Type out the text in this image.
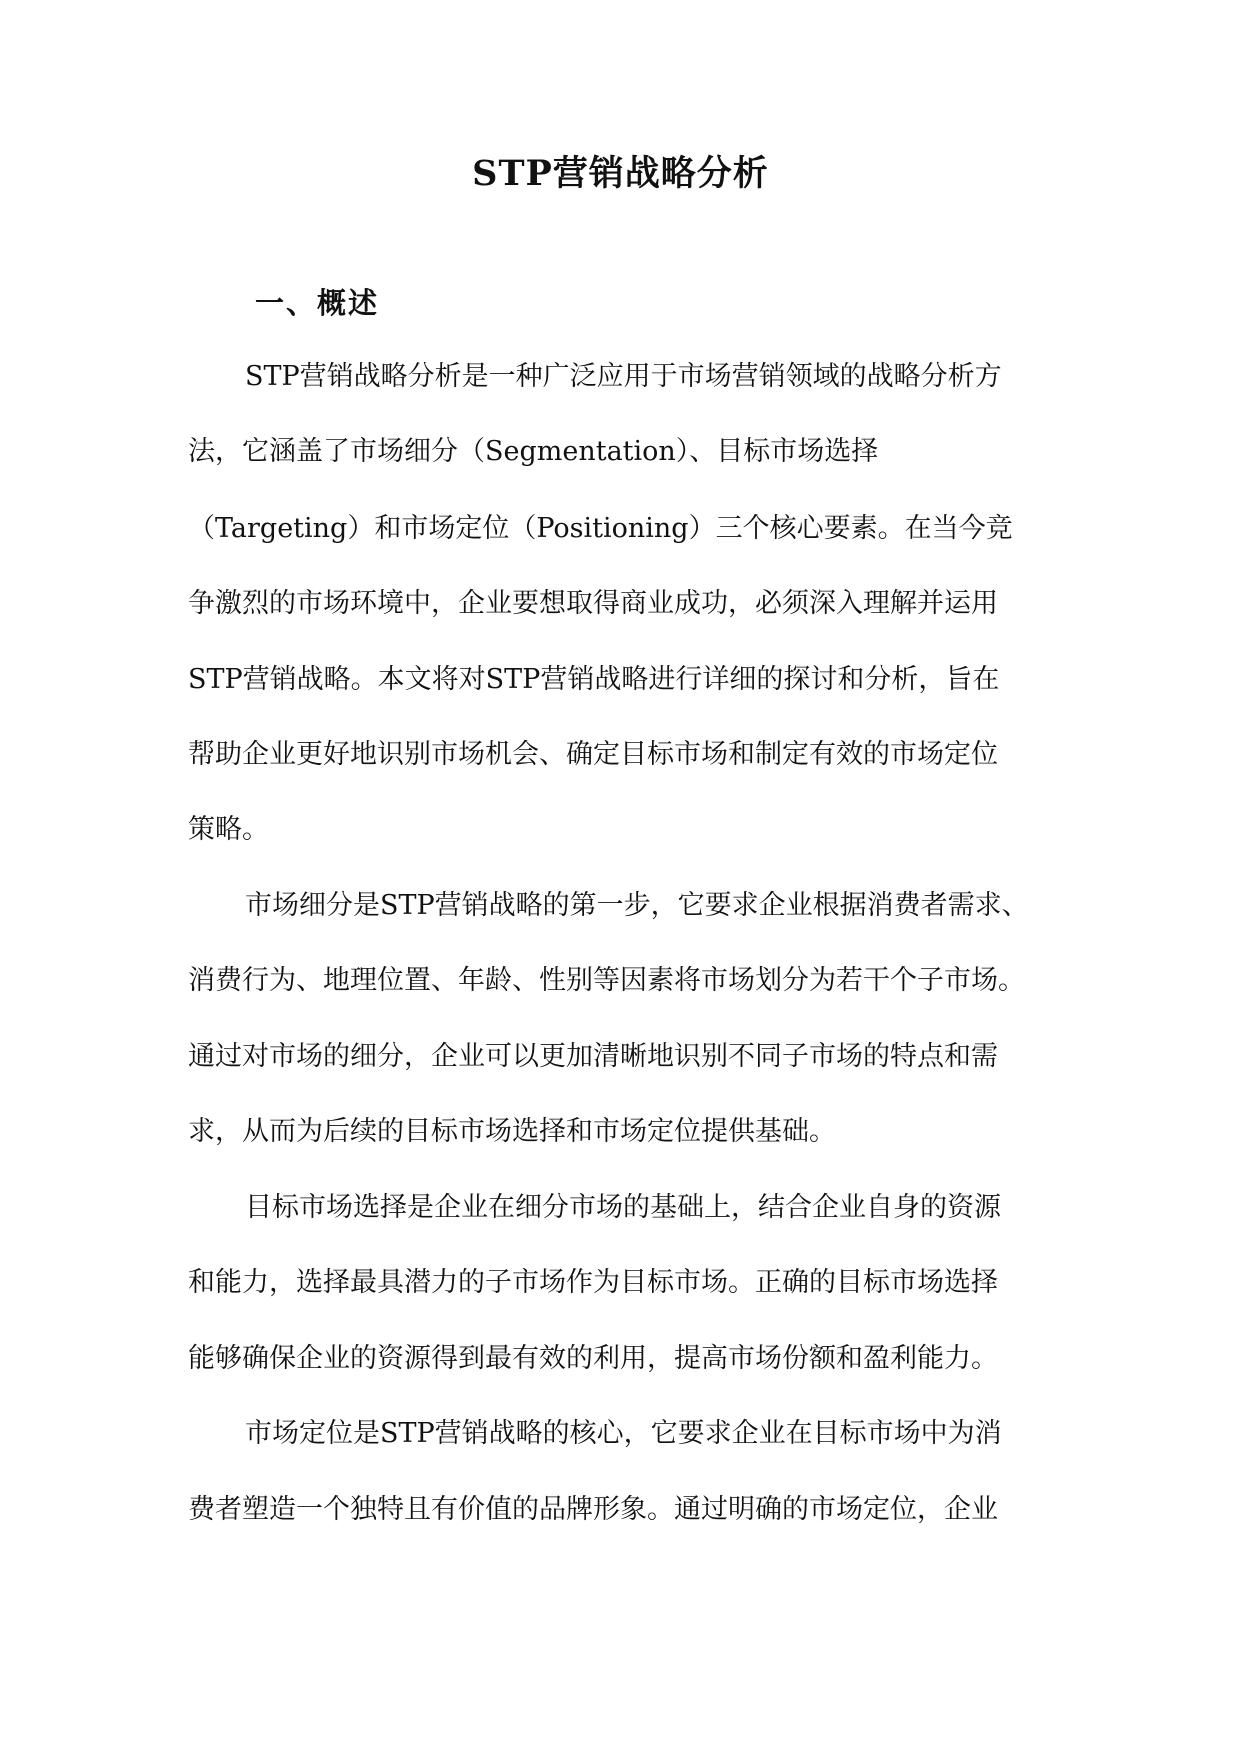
STP营销战略分析
一、概述
STP营销战略分析是一种广泛应用于市场营销领域的战略分析方
法，它涵盖了市场细分（Segmentation）、目标市场选择
（Targeting）和市场定位（Positioning）三个核心要素。在当今竞
争激烈的市场环境中，企业要想取得商业成功，必须深入理解并运用
STP营销战略。本文将对STP营销战略进行详细的探讨和分析，旨在
帮助企业更好地识别市场机会、确定目标市场和制定有效的市场定位
策略。
市场细分是STP营销战略的第一步，它要求企业根据消费者需求、
消费行为、地理位置、年龄、性别等因素将市场划分为若干个子市场。
通过对市场的细分，企业可以更加清晰地识别不同子市场的特点和需
求，从而为后续的目标市场选择和市场定位提供基础。
目标市场选择是企业在细分市场的基础上，结合企业自身的资源
和能力，选择最具潜力的子市场作为目标市场。正确的目标市场选择
能够确保企业的资源得到最有效的利用，提高市场份额和盈利能力。
市场定位是STP营销战略的核心，它要求企业在目标市场中为消
费者塑造一个独特且有价值的品牌形象。通过明确的市场定位，企业
